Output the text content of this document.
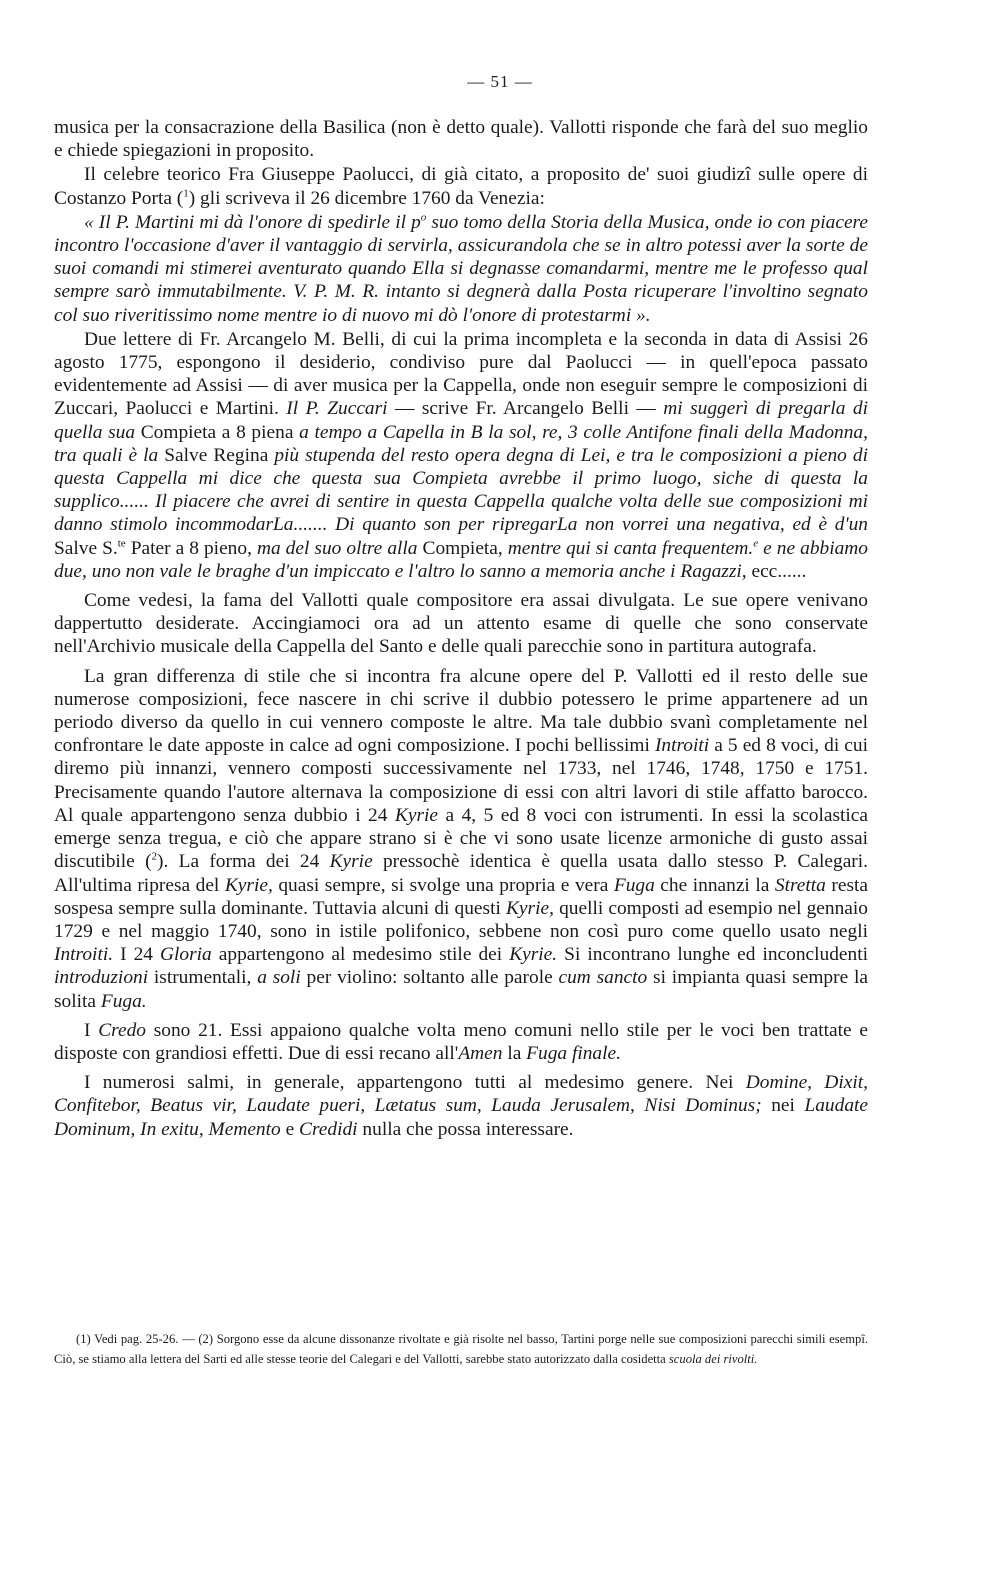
— 51 —

musica per la consacrazione della Basilica (non è detto quale). Vallotti risponde che farà del suo meglio e chiede spiegazioni in proposito.

Il celebre teorico Fra Giuseppe Paolucci, di già citato, a proposito de' suoi giudizî sulle opere di Costanzo Porta ($^1$) gli scriveva il 26 dicembre 1760 da Venezia:

« Il P. Martini mi dà l'onore di spedirle il $p^o$ suo tomo della Storia della Musica, onde io con piacere incontro l'occasione d'aver il vantaggio di servirla, assicurandola che se in altro potessi aver la sorte de suoi comandi mi stimerei aventurato quando Ella si degnasse comandarmi, mentre me le professo qual sempre sarò immutabilmente. V. P. M. R. intanto si degnerà dalla Posta ricuperare l'involtino segnato col suo riveritissimo nome mentre io di nuovo mi dò l'onore di protestarmi ».

Due lettere di Fr. Arcangelo M. Belli, di cui la prima incompleta e la seconda in data di Assisi 26 agosto 1775, espongono il desiderio, condiviso pure dal Paolucci — in quell'epoca passato evidentemente ad Assisi — di aver musica per la Cappella, onde non eseguir sempre le composizioni di Zuccari, Paolucci e Martini. Il P. Zuccari — scrive Fr. Arcangelo Belli — mi suggerì di pregarla di quella sua Compieta a 8 piena a tempo a Capella in B la sol, re, 3 colle Antifone finali della Madonna, tra quali è la Salve Regina più stupenda del resto opera degna di Lei, e tra le composizioni a pieno di questa Cappella mi dice che questa sua Compieta avrebbe il primo luogo, siche di questa la supplico...... Il piacere che avrei di sentire in questa Cappella qualche volta delle sue composizioni mi danno stimolo incommodarLa....... Di quanto son per ripregarLa non vorrei una negativa, ed è d'un Salve S.$^{te}$ Pater a 8 pieno, ma del suo oltre alla Compieta, mentre qui si canta frequentem.$^e$ e ne abbiamo due, uno non vale le braghe d'un impiccato e l'altro lo sanno a memoria anche i Ragazzi, ecc......

Come vedesi, la fama del Vallotti quale compositore era assai divulgata. Le sue opere venivano dappertutto desiderate. Accingiamoci ora ad un attento esame di quelle che sono conservate nell'Archivio musicale della Cappella del Santo e delle quali parecchie sono in partitura autografa.

La gran differenza di stile che si incontra fra alcune opere del P. Vallotti ed il resto delle sue numerose composizioni, fece nascere in chi scrive il dubbio potessero le prime appartenere ad un periodo diverso da quello in cui vennero composte le altre. Ma tale dubbio svanì completamente nel confrontare le date apposte in calce ad ogni composizione. I pochi bellissimi Introiti a 5 ed 8 voci, di cui diremo più innanzi, vennero composti successivamente nel 1733, nel 1746, 1748, 1750 e 1751. Precisamente quando l'autore alternava la composizione di essi con altri lavori di stile affatto barocco. Al quale appartengono senza dubbio i 24 Kyrie a 4, 5 ed 8 voci con istrumenti. In essi la scolastica emerge senza tregua, e ciò che appare strano si è che vi sono usate licenze armoniche di gusto assai discutibile ($^2$). La forma dei 24 Kyrie pressochè identica è quella usata dallo stesso P. Calegari. All'ultima ripresa del Kyrie, quasi sempre, si svolge una propria e vera Fuga che innanzi la Stretta resta sospesa sempre sulla dominante. Tuttavia alcuni di questi Kyrie, quelli composti ad esempio nel gennaio 1729 e nel maggio 1740, sono in istile polifonico, sebbene non così puro come quello usato negli Introiti. I 24 Gloria appartengono al medesimo stile dei Kyrie. Si incontrano lunghe ed inconcludenti introduzioni istrumentali, a soli per violino: soltanto alle parole cum sancto si impianta quasi sempre la solita Fuga.

I Credo sono 21. Essi appaiono qualche volta meno comuni nello stile per le voci ben trattate e disposte con grandiosi effetti. Due di essi recano all'Amen la Fuga finale.

I numerosi salmi, in generale, appartengono tutti al medesimo genere. Nei Domine, Dixit, Confitebor, Beatus vir, Laudate pueri, Lætatus sum, Lauda Jerusalem, Nisi Dominus; nei Laudate Dominum, In exitu, Memento e Credidi nulla che possa interessare.

(1) Vedi pag. 25-26. — (2) Sorgono esse da alcune dissonanze rivoltate e già risolte nel basso, Tartini porge nelle sue composizioni parecchi simili esempî. Ciò, se stiamo alla lettera del Sarti ed alle stesse teorie del Calegari e del Vallotti, sarebbe stato autorizzato dalla cosidetta scuola dei rivolti.
